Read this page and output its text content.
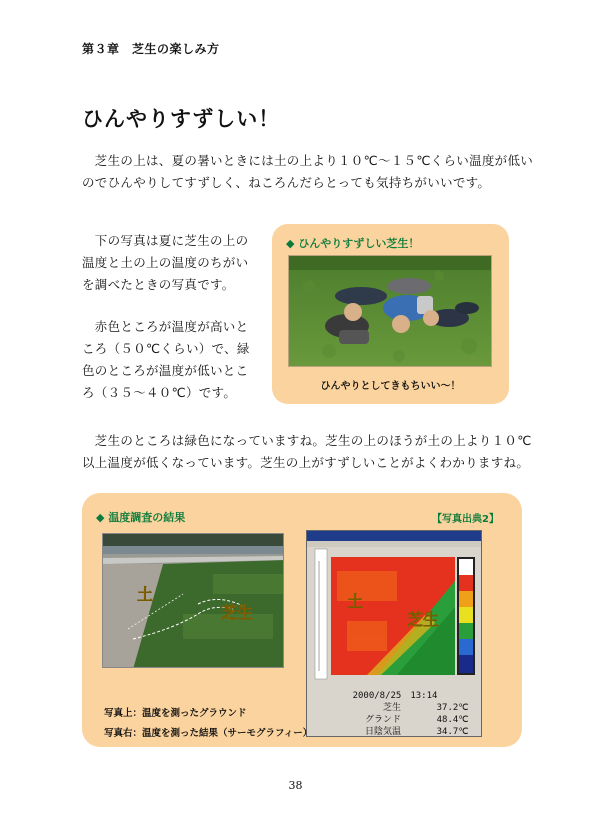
第３章　芝生の楽しみ方
ひんやりすずしい！

　芝生の上は、夏の暑いときには土の上より１０℃～１５℃くらい温度が低い

のでひんやりしてすずしく、ねころんだらとっても気持ちがいいです。

　下の写真は夏に芝生の上の

温度と土の上の温度のちがい

を調べたときの写真です。

　赤色ところが温度が高いと

ころ（５０℃くらい）で、緑

色のところが温度が低いとこ

ろ（３５～４０℃）です。

◆ ひんやりすずしい芝生！
ひんやりとしてきもちいい～！

　芝生のところは緑色になっていますね。芝生の上のほうが土の上より１０℃

以上温度が低くなっています。芝生の上がすずしいことがよくわかりますね。

◆ 温度調査の結果	【写真出典2】
土
芝生
土
芝生
2000/8/25　13:14
芝生	37.2℃
グランド	48.4℃
日陰気温	34.7℃
写真上：温度を測ったグラウンド
写真右：温度を測った結果（サーモグラフィー）
38
